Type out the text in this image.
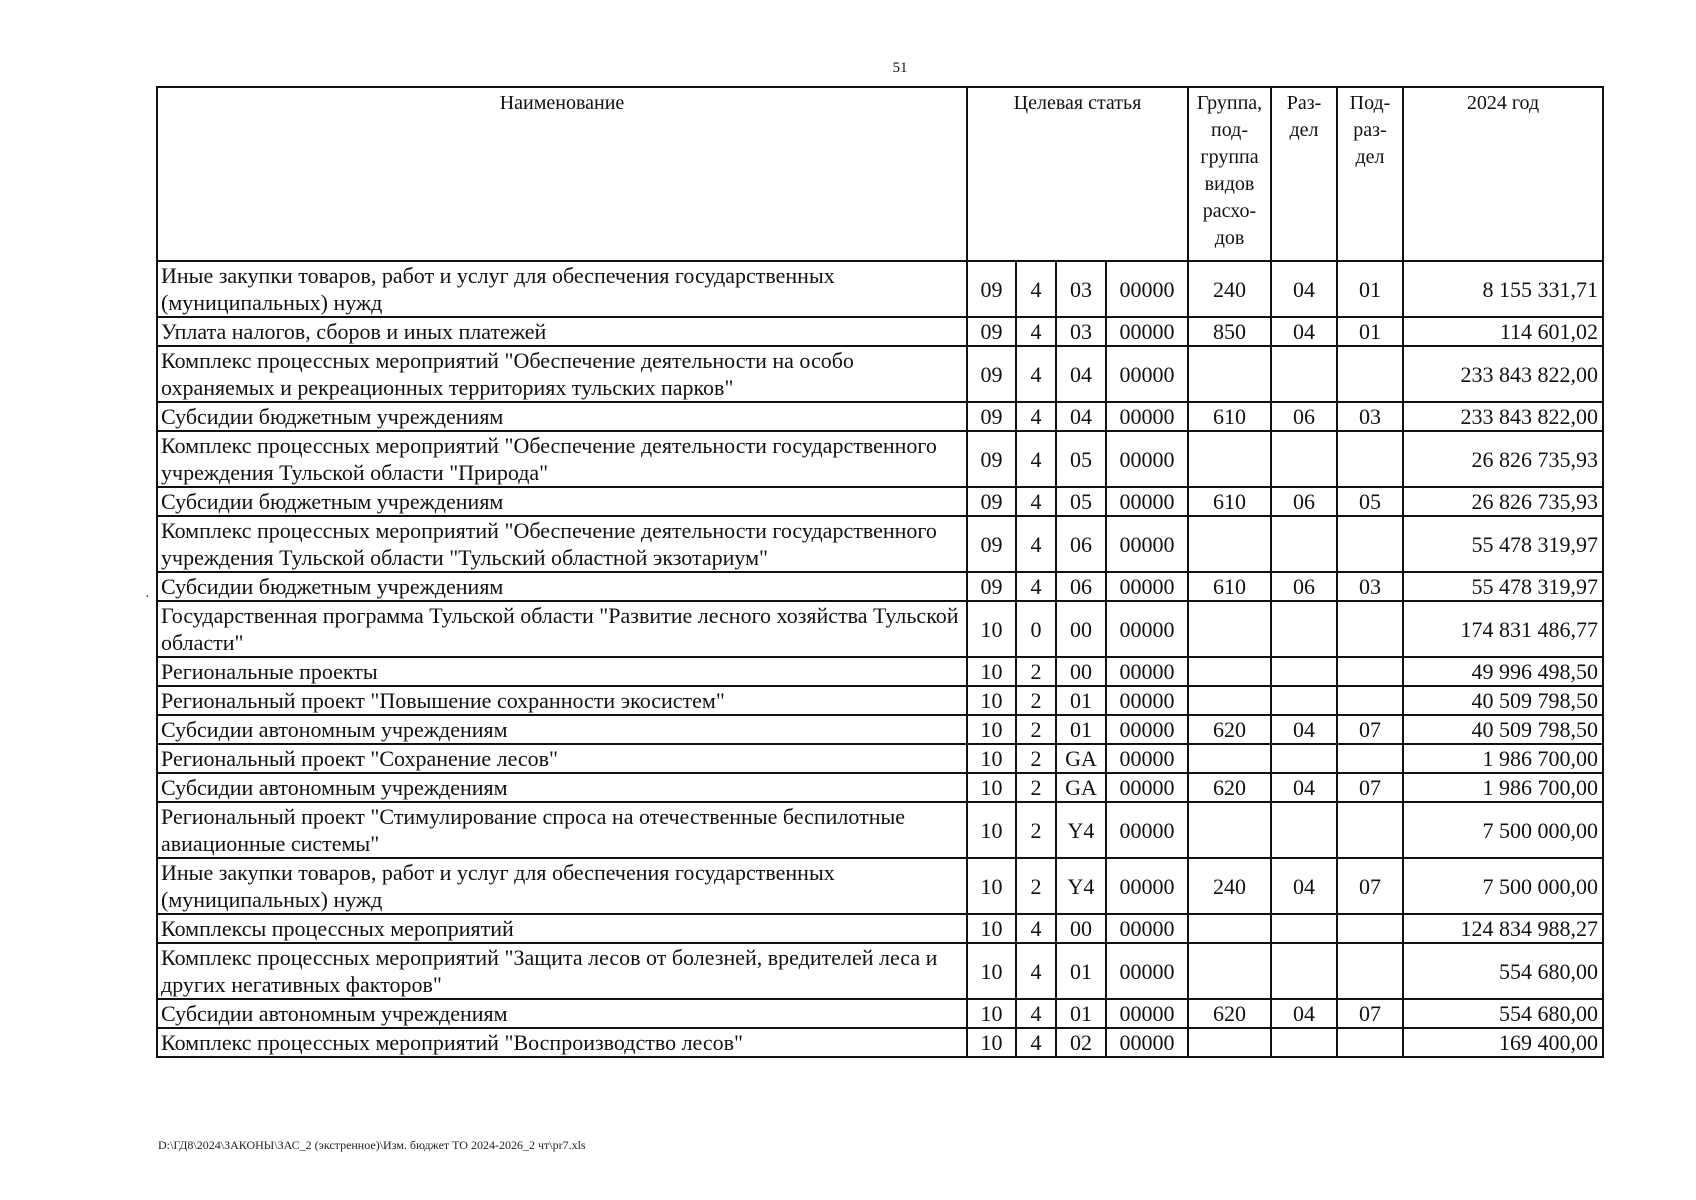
51
·
Наименование	Целевая статья				Группа, под- группа видов расхо- дов	Раз- дел	Под- раз- дел	2024 год
Иные закупки товаров, работ и услуг для обеспечения государственных (муниципальных) нужд	09	4	03	00000	240	04	01	8 155 331,71
Уплата налогов, сборов и иных платежей	09	4	03	00000	850	04	01	114 601,02
Комплекс процессных мероприятий "Обеспечение деятельности на особо охраняемых и рекреационных территориях тульских парков"	09	4	04	00000				233 843 822,00
Субсидии бюджетным учреждениям	09	4	04	00000	610	06	03	233 843 822,00
Комплекс процессных мероприятий "Обеспечение деятельности государственного учреждения Тульской области "Природа"	09	4	05	00000				26 826 735,93
Субсидии бюджетным учреждениям	09	4	05	00000	610	06	05	26 826 735,93
Комплекс процессных мероприятий "Обеспечение деятельности государственного учреждения Тульской области "Тульский областной экзотариум"	09	4	06	00000				55 478 319,97
Субсидии бюджетным учреждениям	09	4	06	00000	610	06	03	55 478 319,97
Государственная программа Тульской области "Развитие лесного хозяйства Тульской области"	10	0	00	00000				174 831 486,77
Региональные проекты	10	2	00	00000				49 996 498,50
Региональный проект "Повышение сохранности экосистем"	10	2	01	00000				40 509 798,50
Субсидии автономным учреждениям	10	2	01	00000	620	04	07	40 509 798,50
Региональный проект "Сохранение лесов"	10	2	GA	00000				1 986 700,00
Субсидии автономным учреждениям	10	2	GA	00000	620	04	07	1 986 700,00
Региональный проект "Стимулирование спроса на отечественные беспилотные авиационные системы"	10	2	Y4	00000				7 500 000,00
Иные закупки товаров, работ и услуг для обеспечения государственных (муниципальных) нужд	10	2	Y4	00000	240	04	07	7 500 000,00
Комплексы процессных мероприятий	10	4	00	00000				124 834 988,27
Комплекс процессных мероприятий "Защита лесов от болезней, вредителей леса и других негативных факторов"	10	4	01	00000				554 680,00
Субсидии автономным учреждениям	10	4	01	00000	620	04	07	554 680,00
Комплекс процессных мероприятий "Воспроизводство лесов"	10	4	02	00000				169 400,00
D:\ГД8\2024\ЗАКОНЫ\ЗАС_2 (экстренное)\Изм. бюджет ТО 2024-2026_2 чт\pr7.xls
